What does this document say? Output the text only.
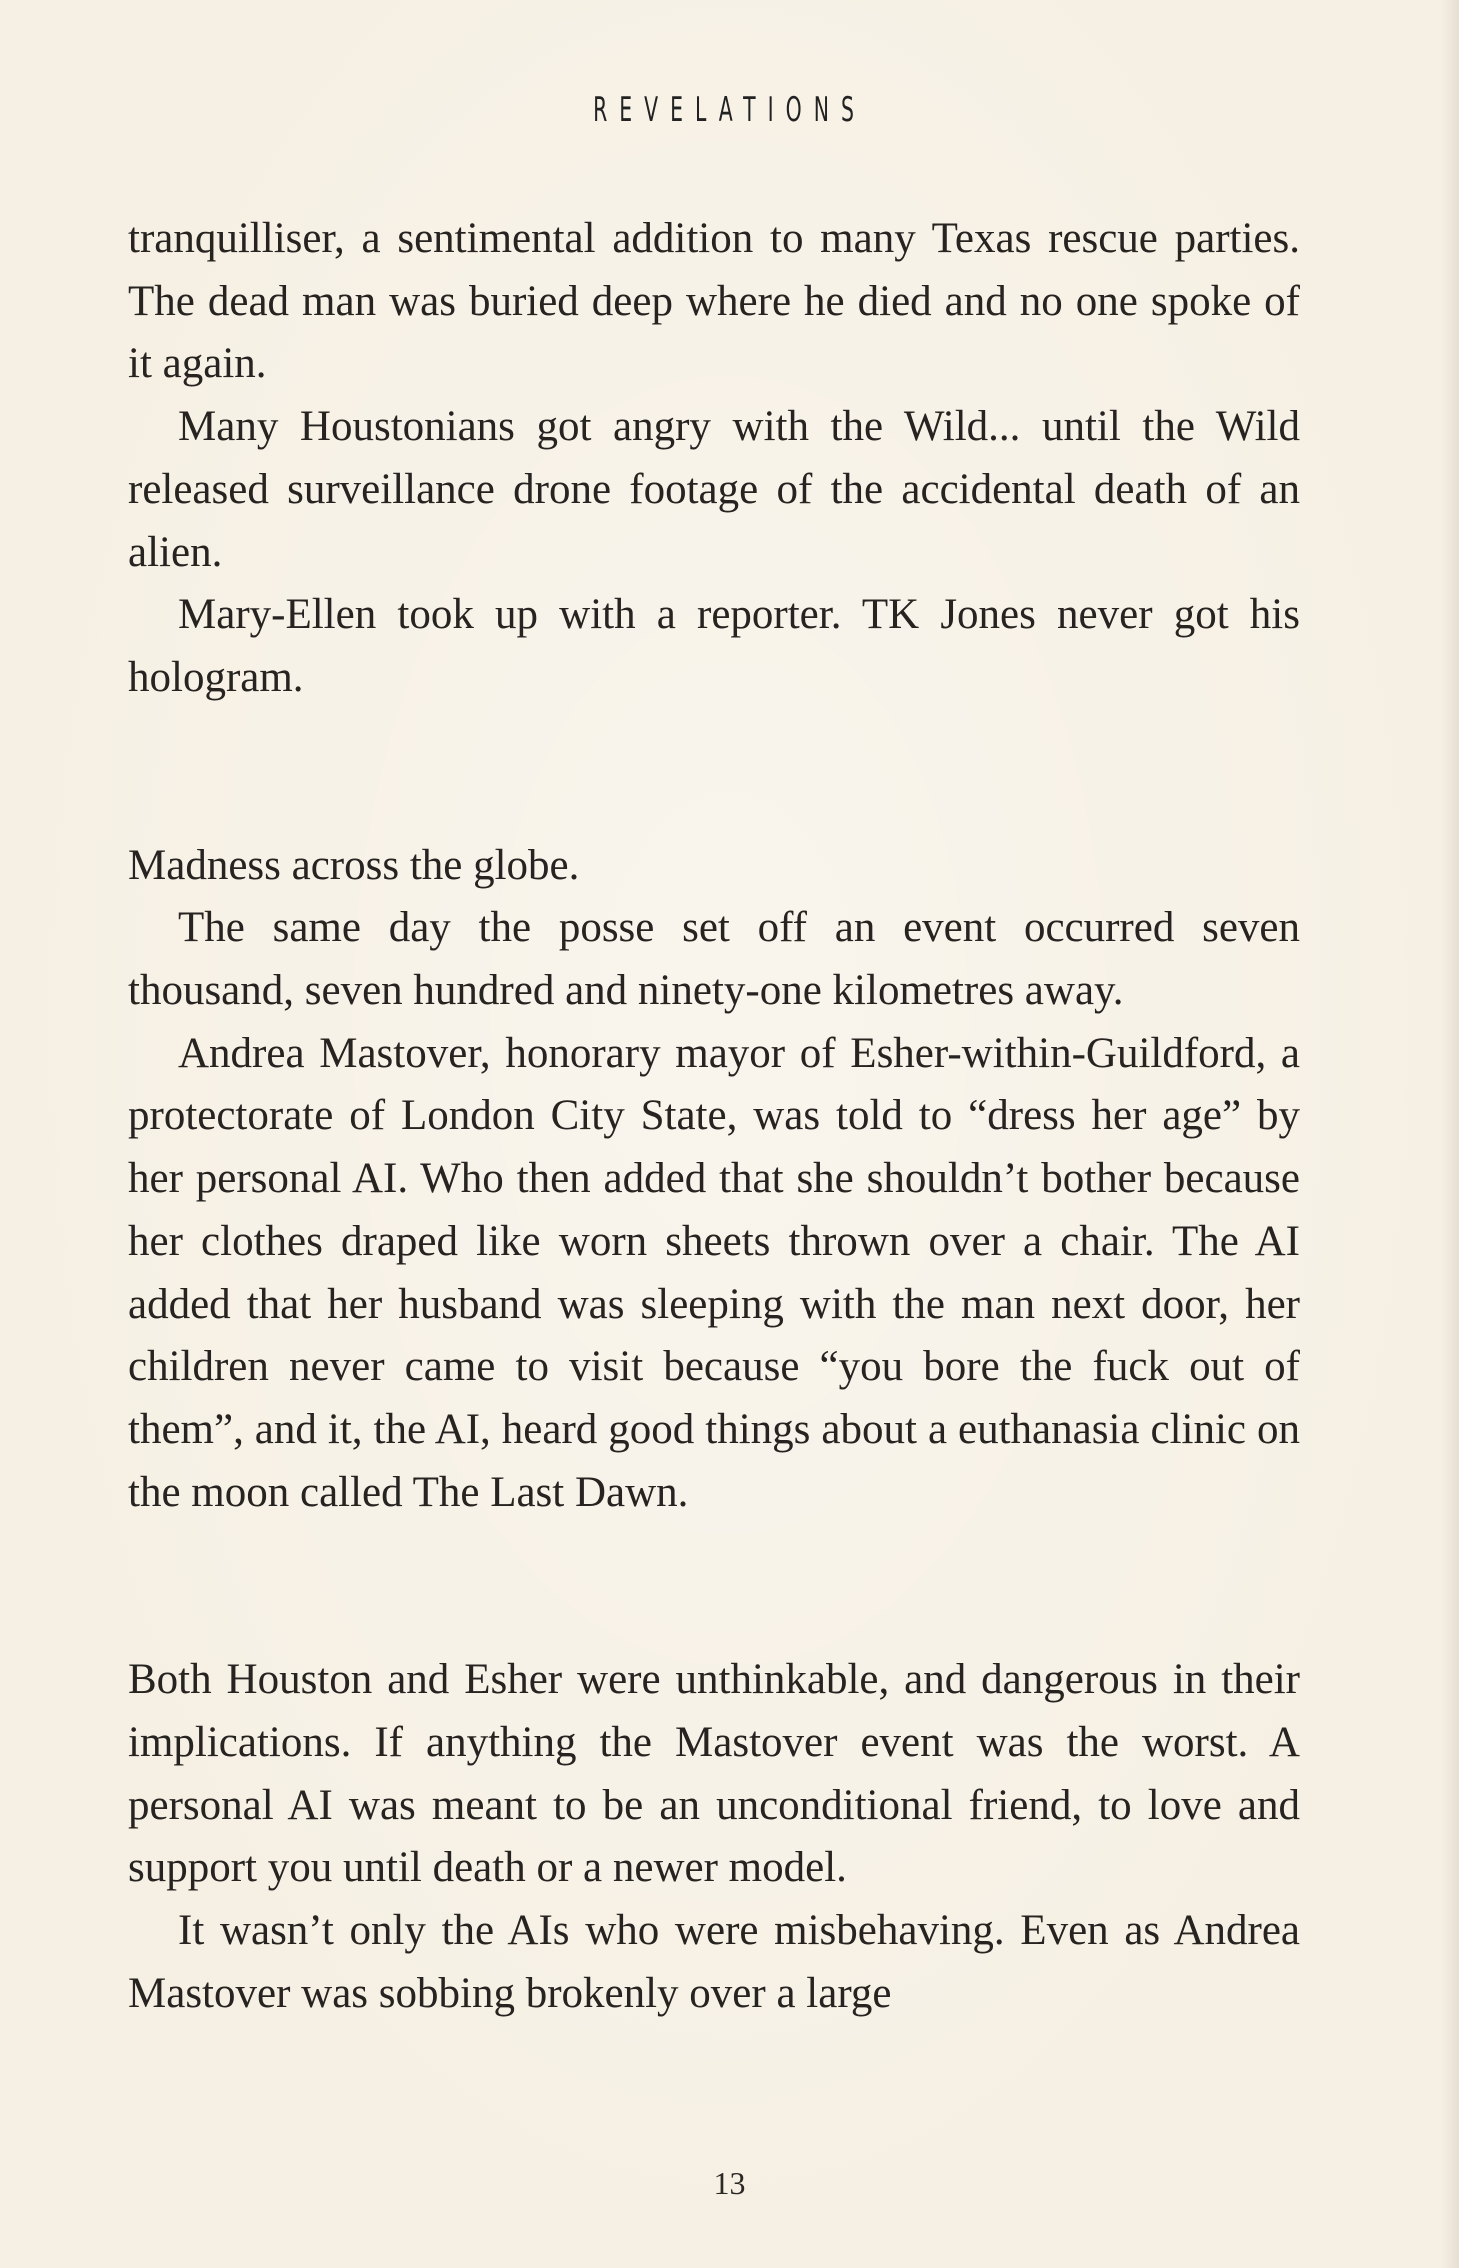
REVELATIONS

tranquilliser, a sentimental addition to many Texas rescue parties. The dead man was buried deep where he died and no one spoke of it again.

Many Houstonians got angry with the Wild... until the Wild released surveillance drone footage of the accidental death of an alien.

Mary-Ellen took up with a reporter. TK Jones never got his hologram.

Madness across the globe.

The same day the posse set off an event occurred seven thousand, seven hundred and ninety-one kilometres away.

Andrea Mastover, honorary mayor of Esher-within-Guildford, a protectorate of London City State, was told to “dress her age” by her personal AI. Who then added that she shouldn’t bother because her clothes draped like worn sheets thrown over a chair. The AI added that her husband was sleeping with the man next door, her children never came to visit because “you bore the fuck out of them”, and it, the AI, heard good things about a euthanasia clinic on the moon called The Last Dawn.

Both Houston and Esher were unthinkable, and dangerous in their implications. If anything the Mastover event was the worst. A personal AI was meant to be an unconditional friend, to love and support you until death or a newer model.

It wasn’t only the AIs who were misbehaving. Even as Andrea Mastover was sobbing brokenly over a large

13
